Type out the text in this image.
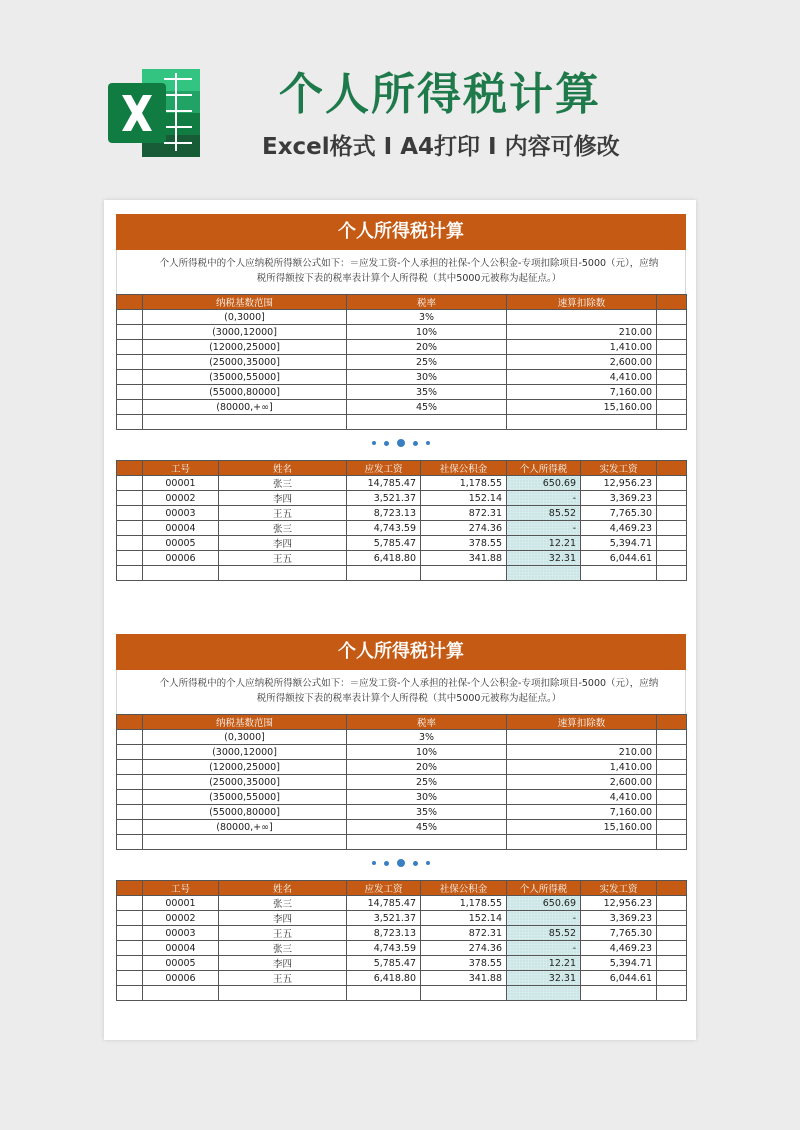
个人所得税计算
Excel格式 I A4打印 I 内容可修改
个人所得税计算
个人所得税中的个人应纳税所得额公式如下：＝应发工资-个人承担的社保-个人公积金-专项扣除项目-5000（元），应纳税所得额按下表的税率表计算个人所得税（其中5000元被称为起征点。）
	纳税基数范围	税率	速算扣除数	
	(0,3000]	3%		
	(3000,12000]	10%	210.00	
	(12000,25000]	20%	1,410.00	
	(25000,35000]	25%	2,600.00	
	(35000,55000]	30%	4,410.00	
	(55000,80000]	35%	7,160.00	
	(80000,+∞]	45%	15,160.00	

	工号	姓名	应发工资	社保公积金	个人所得税	实发工资	
	00001	张三	14,785.47	1,178.55	650.69	12,956.23	
	00002	李四	3,521.37	152.14	-	3,369.23	
	00003	王五	8,723.13	872.31	85.52	7,765.30	
	00004	张三	4,743.59	274.36	-	4,469.23	
	00005	李四	5,785.47	378.55	12.21	5,394.71	
	00006	王五	6,418.80	341.88	32.31	6,044.61	

个人所得税计算
个人所得税中的个人应纳税所得额公式如下：＝应发工资-个人承担的社保-个人公积金-专项扣除项目-5000（元），应纳税所得额按下表的税率表计算个人所得税（其中5000元被称为起征点。）
	纳税基数范围	税率	速算扣除数	
	(0,3000]	3%		
	(3000,12000]	10%	210.00	
	(12000,25000]	20%	1,410.00	
	(25000,35000]	25%	2,600.00	
	(35000,55000]	30%	4,410.00	
	(55000,80000]	35%	7,160.00	
	(80000,+∞]	45%	15,160.00	

	工号	姓名	应发工资	社保公积金	个人所得税	实发工资	
	00001	张三	14,785.47	1,178.55	650.69	12,956.23	
	00002	李四	3,521.37	152.14	-	3,369.23	
	00003	王五	8,723.13	872.31	85.52	7,765.30	
	00004	张三	4,743.59	274.36	-	4,469.23	
	00005	李四	5,785.47	378.55	12.21	5,394.71	
	00006	王五	6,418.80	341.88	32.31	6,044.61	
